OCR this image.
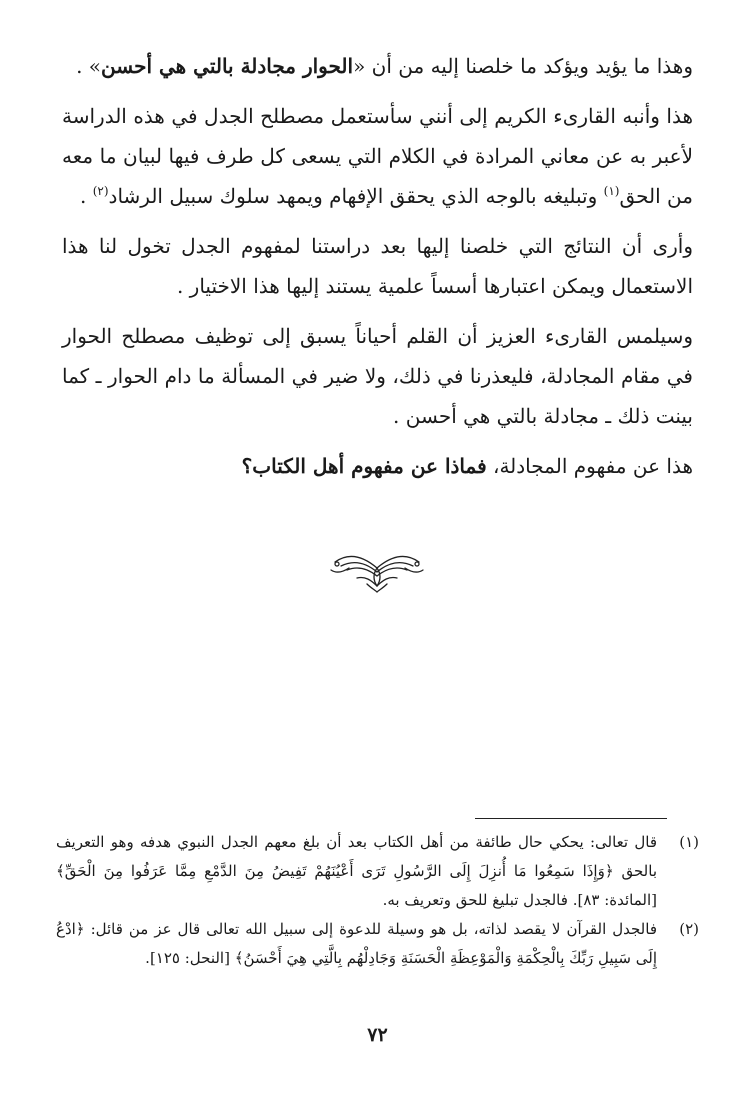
وهذا ما يؤيد ويؤكد ما خلصنا إليه من أن «الحوار مجادلة بالتي هي أحسن» .

هذا وأنبه القارىء الكريم إلى أنني سأستعمل مصطلح الجدل في هذه الدراسة لأعبر به عن معاني المرادة في الكلام التي يسعى كل طرف فيها لبيان ما معه من الحق$^{(١)}$ وتبليغه بالوجه الذي يحقق الإفهام ويمهد سلوك سبيل الرشاد$^{(٢)}$ .

وأرى أن النتائج التي خلصنا إليها بعد دراستنا لمفهوم الجدل تخول لنا هذا الاستعمال ويمكن اعتبارها أسساً علمية يستند إليها هذا الاختيار .

وسيلمس القارىء العزيز أن القلم أحياناً يسبق إلى توظيف مصطلح الحوار في مقام المجادلة، فليعذرنا في ذلك، ولا ضير في المسألة ما دام الحوار ـ كما بينت ذلك ـ مجادلة بالتي هي أحسن .

هذا عن مفهوم المجادلة، فماذا عن مفهوم أهل الكتاب؟

(١)
قال تعالى: يحكي حال طائفة من أهل الكتاب بعد أن بلغ معهم الجدل النبوي هدفه وهو التعريف بالحق ﴿وَإِذَا سَمِعُوا مَا أُنزِلَ إِلَى الرَّسُولِ تَرَى أَعْيُنَهُمْ تَفِيضُ مِنَ الدَّمْعِ مِمَّا عَرَفُوا مِنَ الْحَقِّ﴾ [المائدة: ٨٣]. فالجدل تبليغ للحق وتعريف به.
(٢)
فالجدل القرآن لا يقصد لذاته، بل هو وسيلة للدعوة إلى سبيل الله تعالى قال عز من قائل: ﴿ادْعُ إِلَى سَبِيلِ رَبِّكَ بِالْحِكْمَةِ وَالْمَوْعِظَةِ الْحَسَنَةِ وَجَادِلْهُم بِالَّتِي هِيَ أَحْسَنُ﴾ [النحل: ١٢٥].
٧٢
